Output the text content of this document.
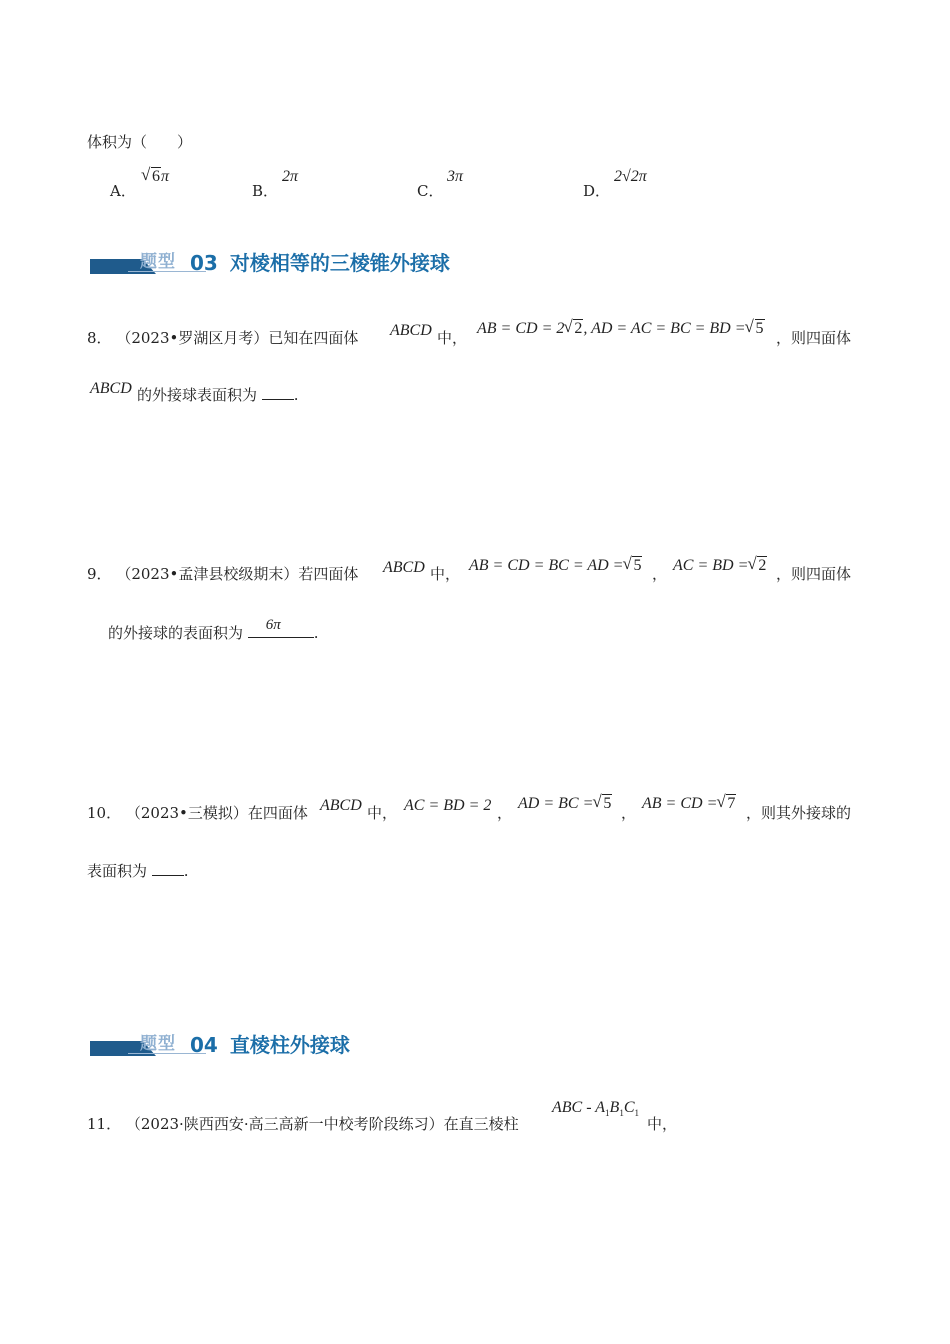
体积为（　　）
A．
√ 6π
B．
2π
C．
3π
D．
2√2π
题型 03 对棱相等的三棱锥外接球
8． （2023•罗湖区月考）已知在四面体 ABCD 中，
AB = CD = 2 √ 2, AD = AC = BC = BD = √ 5
，则四面体
ABCD 的外接球表面积为 .
9． （2023•孟津县校级期末）若四面体 ABCD 中， AB = CD = BC = AD = √ 5 ， AC = BD = √ 2 ，则四面体
的外接球的表面积为 6π .
10． （2023•三模拟）在四面体 ABCD 中， AC = BD = 2 ，
AD = BC = √ 5
，
AB = CD = √ 7
，则其外接球的
表面积为 .
题型 04 直棱柱外接球
11． （2023·陕西西安·高三高新一中校考阶段练习）在直三棱柱
ABC - $A_1B_1C_1$
中，
